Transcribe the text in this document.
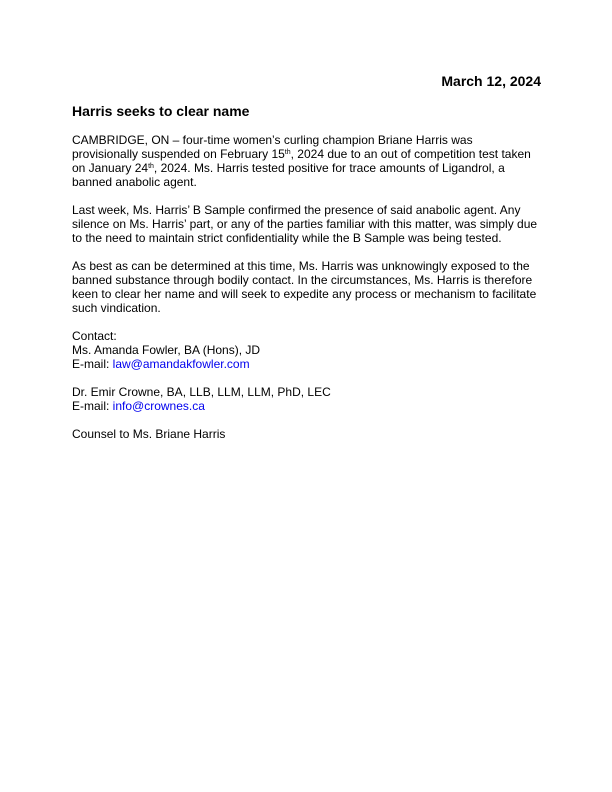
March 12, 2024
Harris seeks to clear name
CAMBRIDGE, ON – four-time women’s curling champion Briane Harris was
provisionally suspended on February 15th, 2024 due to an out of competition test taken
on January 24th, 2024. Ms. Harris tested positive for trace amounts of Ligandrol, a
banned anabolic agent.
Last week, Ms. Harris’ B Sample confirmed the presence of said anabolic agent. Any
silence on Ms. Harris’ part, or any of the parties familiar with this matter, was simply due
to the need to maintain strict confidentiality while the B Sample was being tested.
As best as can be determined at this time, Ms. Harris was unknowingly exposed to the
banned substance through bodily contact. In the circumstances, Ms. Harris is therefore
keen to clear her name and will seek to expedite any process or mechanism to facilitate
such vindication.
Contact:
Ms. Amanda Fowler, BA (Hons), JD
E-mail: law@amandakfowler.com
Dr. Emir Crowne, BA, LLB, LLM, LLM, PhD, LEC
E-mail: info@crownes.ca
Counsel to Ms. Briane Harris
